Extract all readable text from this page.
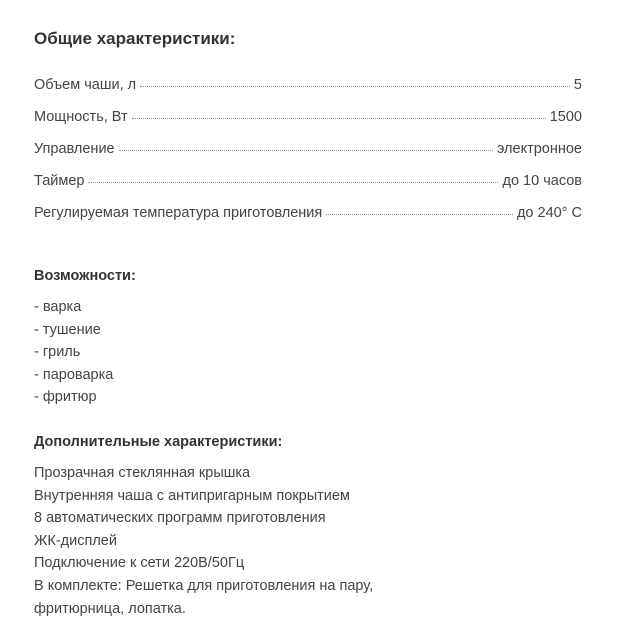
Общие характеристики:
Объем чаши, л	5
Мощность, Вт	1500
Управление	электронное
Таймер	до 10 часов
Регулируемая температура приготовления	до 240° С
Возможности:
- варка
- тушение
- гриль
- пароварка
- фритюр
Дополнительные характеристики:
Прозрачная стеклянная крышка
Внутренняя чаша с антипригарным покрытием
8 автоматических программ приготовления
ЖК-дисплей
Подключение к сети 220В/50Гц
В комплекте: Решетка для приготовления на пару,
фритюрница, лопатка.
